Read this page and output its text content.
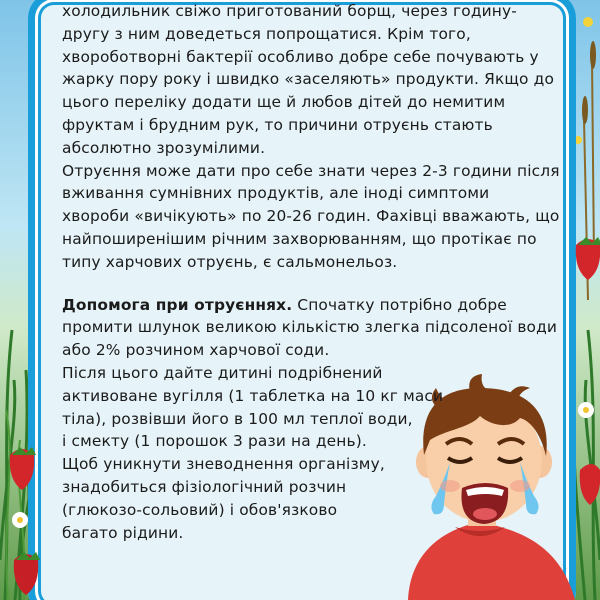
холодильник свіжо приготований борщ, через годину-

другу з ним доведеться попрощатися. Крім того,

хвороботворні бактерії особливо добре себе почувають у

жарку пору року і швидко «заселяють» продукти. Якщо до

цього переліку додати ще й любов дітей до немитим

фруктам і брудним рук, то причини отруєнь стають

абсолютно зрозумілими.

Отруєння може дати про себе знати через 2-3 години після

вживання сумнівних продуктів, але іноді симптоми

хвороби «вичікують» по 20-26 годин. Фахівці вважають, що

найпоширенішим річним захворюванням, що протікає по

типу харчових отруєнь, є сальмонельоз.

Допомога при отруєннях. Спочатку потрібно добре

промити шлунок великою кількістю злегка підсоленої води

або 2% розчином харчової соди.

Після цього дайте дитині подрібнений

активоване вугілля (1 таблетка на 10 кг маси

тіла), розвівши його в 100 мл теплої води,

і смекту (1 порошок 3 рази на день).

Щоб уникнути зневоднення організму,

знадобиться фізіологічний розчин

(глюкозо-сольовий) і обов'язково

багато рідини.
